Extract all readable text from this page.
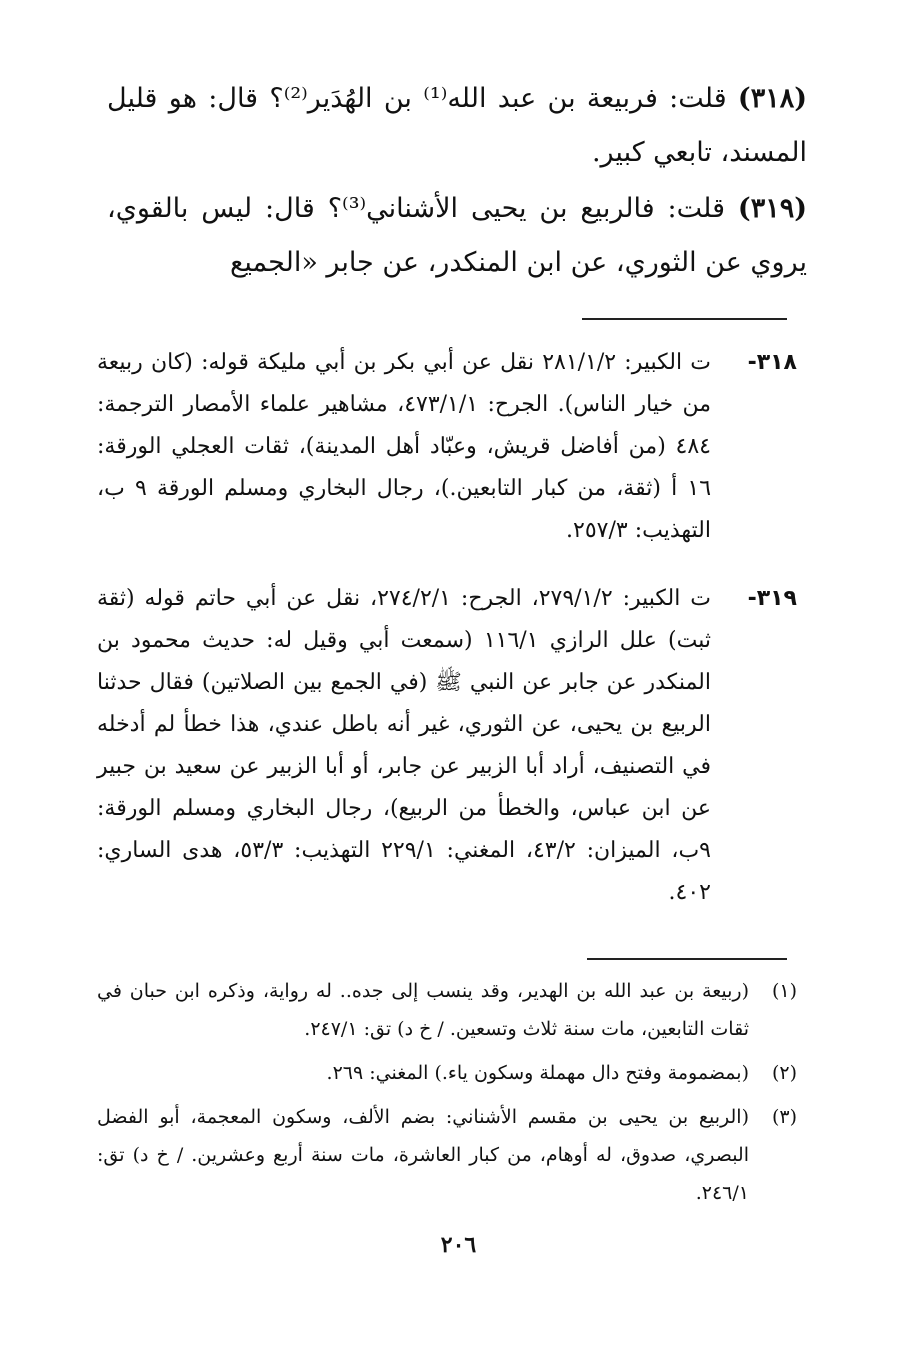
(٣١٨) قلت: فربيعة بن عبد الله⁽¹⁾ بن الهُدَير⁽²⁾؟ قال: هو قليل المسند، تابعي كبير.
(٣١٩) قلت: فالربيع بن يحيى الأشناني⁽³⁾؟ قال: ليس بالقوي، يروي عن الثوري، عن ابن المنكدر، عن جابر «الجميع
٣١٨-
ت الكبير: ٢٨١/١/٢ نقل عن أبي بكر بن أبي مليكة قوله: (كان ربيعة من خيار الناس). الجرح: ٤٧٣/١/١، مشاهير علماء الأمصار الترجمة: ٤٨٤ (من أفاضل قريش، وعبّاد أهل المدينة)، ثقات العجلي الورقة: ١٦ أ (ثقة، من كبار التابعين.)، رجال البخاري ومسلم الورقة ٩ ب، التهذيب: ٢٥٧/٣.
٣١٩-
ت الكبير: ٢٧٩/١/٢، الجرح: ٢٧٤/٢/١، نقل عن أبي حاتم قوله (ثقة ثبت) علل الرازي ١١٦/١ (سمعت أبي وقيل له: حديث محمود بن المنكدر عن جابر عن النبي ﷺ (في الجمع بين الصلاتين) فقال حدثنا الربيع بن يحيى، عن الثوري، غير أنه باطل عندي، هذا خطأ لم أدخله في التصنيف، أراد أبا الزبير عن جابر، أو أبا الزبير عن سعيد بن جبير عن ابن عباس، والخطأ من الربيع)، رجال البخاري ومسلم الورقة: ٩ب، الميزان: ٤٣/٢، المغني: ٢٢٩/١ التهذيب: ٥٣/٣، هدى الساري: ٤٠٢.
(١)
(ربيعة بن عبد الله بن الهدير، وقد ينسب إلى جده.. له رواية، وذكره ابن حبان في ثقات التابعين، مات سنة ثلاث وتسعين. / خ د) تق: ٢٤٧/١.
(٢)
(بمضمومة وفتح دال مهملة وسكون ياء.) المغني: ٢٦٩.
(٣)
(الربيع بن يحيى بن مقسم الأشناني: بضم الألف، وسكون المعجمة، أبو الفضل البصري، صدوق، له أوهام، من كبار العاشرة، مات سنة أربع وعشرين. / خ د) تق: ٢٤٦/١.
٢٠٦
